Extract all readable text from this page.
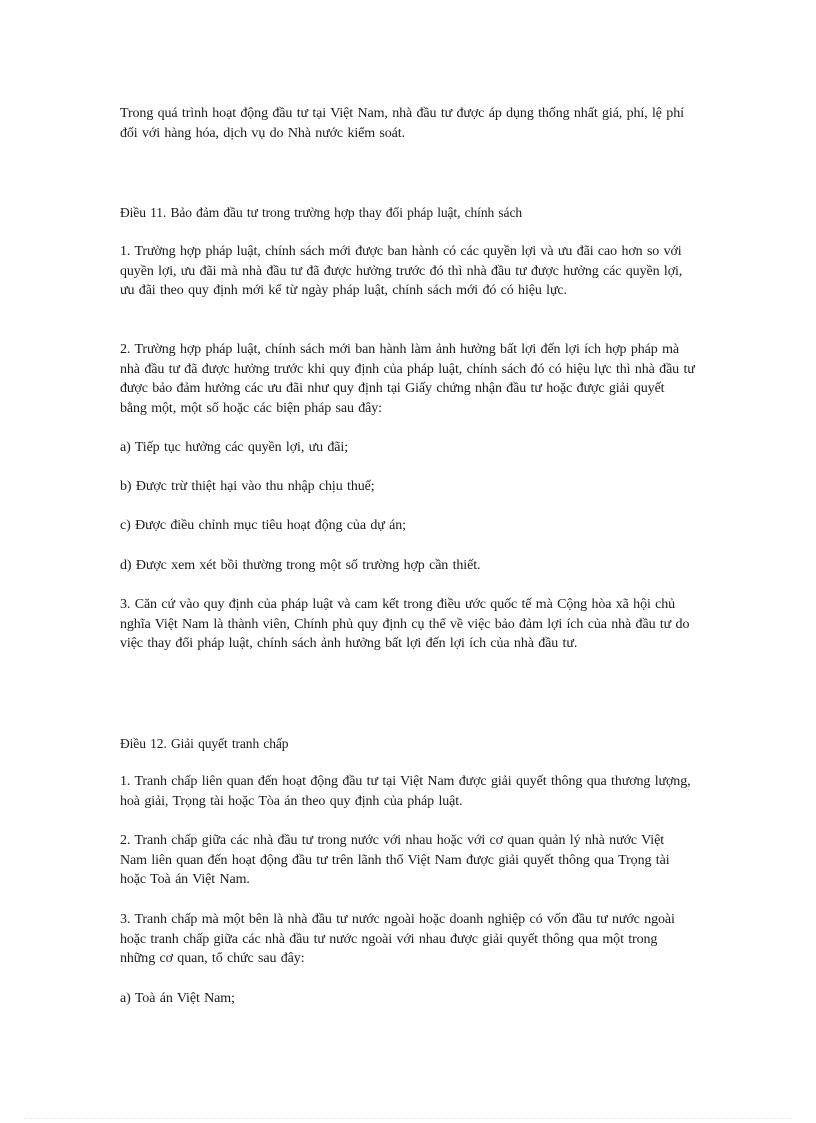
Trong quá trình hoạt động đầu tư tại Việt Nam, nhà đầu tư được áp dụng thống nhất giá, phí, lệ phí đối với hàng hóa, dịch vụ do Nhà nước kiểm soát.

Điều 11. Bảo đảm đầu tư trong trường hợp thay đổi pháp luật, chính sách

1. Trường hợp pháp luật, chính sách mới được ban hành có các quyền lợi và ưu đãi cao hơn so với quyền lợi, ưu đãi mà nhà đầu tư đã được hưởng trước đó thì nhà đầu tư được hưởng các quyền lợi, ưu đãi theo quy định mới kể từ ngày pháp luật, chính sách mới đó có hiệu lực.

2. Trường hợp pháp luật, chính sách mới ban hành làm ảnh hưởng bất lợi đến lợi ích hợp pháp mà nhà đầu tư đã được hưởng trước khi quy định của pháp luật, chính sách đó có hiệu lực thì nhà đầu tư được bảo đảm hưởng các ưu đãi như quy định tại Giấy chứng nhận đầu tư hoặc được giải quyết bằng một, một số hoặc các biện pháp sau đây:

a) Tiếp tục hưởng các quyền lợi, ưu đãi;

b) Được trừ thiệt hại vào thu nhập chịu thuế;

c) Được điều chỉnh mục tiêu hoạt động của dự án;

d) Được xem xét bồi thường trong một số trường hợp cần thiết.

3. Căn cứ vào quy định của pháp luật và cam kết trong điều ước quốc tế mà Cộng hòa xã hội chủ nghĩa Việt Nam là thành viên, Chính phủ quy định cụ thể về việc bảo đảm lợi ích của nhà đầu tư do việc thay đổi pháp luật, chính sách ảnh hưởng bất lợi đến lợi ích của nhà đầu tư.

Điều 12. Giải quyết tranh chấp

1. Tranh chấp liên quan đến hoạt động đầu tư tại Việt Nam được giải quyết thông qua thương lượng, hoà giải, Trọng tài hoặc Tòa án theo quy định của pháp luật.

2. Tranh chấp giữa các nhà đầu tư trong nước với nhau hoặc với cơ quan quản lý nhà nước Việt Nam liên quan đến hoạt động đầu tư trên lãnh thổ Việt Nam được giải quyết thông qua Trọng tài hoặc Toà án Việt Nam.

3. Tranh chấp mà một bên là nhà đầu tư nước ngoài hoặc doanh nghiệp có vốn đầu tư nước ngoài hoặc tranh chấp giữa các nhà đầu tư nước ngoài với nhau được giải quyết thông qua một trong những cơ quan, tổ chức sau đây:

a) Toà án Việt Nam;
